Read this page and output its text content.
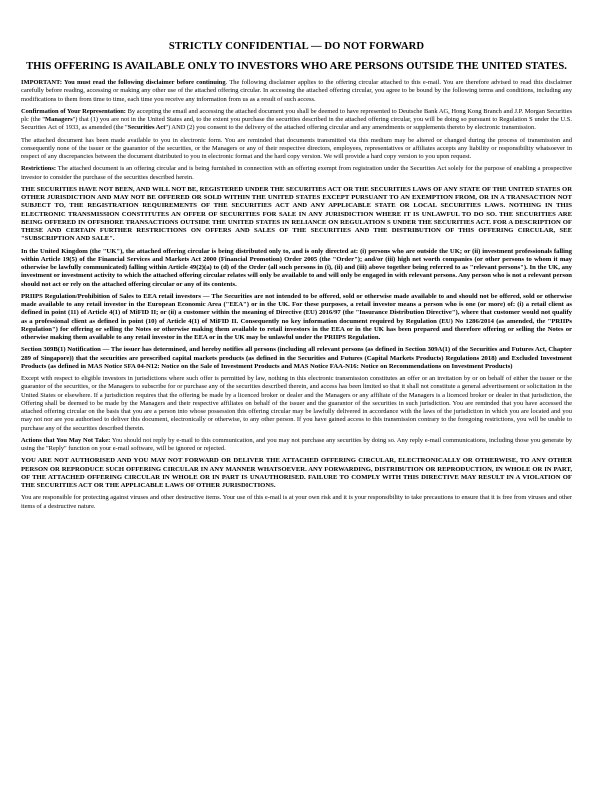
STRICTLY CONFIDENTIAL — DO NOT FORWARD
THIS OFFERING IS AVAILABLE ONLY TO INVESTORS WHO ARE PERSONS OUTSIDE THE UNITED STATES.

IMPORTANT: You must read the following disclaimer before continuing. The following disclaimer applies to the offering circular attached to this e-mail. You are therefore advised to read this disclaimer carefully before reading, accessing or making any other use of the attached offering circular. In accessing the attached offering circular, you agree to be bound by the following terms and conditions, including any modifications to them from time to time, each time you receive any information from us as a result of such access.

Confirmation of Your Representation: By accepting the email and accessing the attached document you shall be deemed to have represented to Deutsche Bank AG, Hong Kong Branch and J.P. Morgan Securities plc (the "Managers") that (1) you are not in the United States and, to the extent you purchase the securities described in the attached offering circular, you will be doing so pursuant to Regulation S under the U.S. Securities Act of 1933, as amended (the "Securities Act") AND (2) you consent to the delivery of the attached offering circular and any amendments or supplements thereto by electronic transmission.

The attached document has been made available to you in electronic form. You are reminded that documents transmitted via this medium may be altered or changed during the process of transmission and consequently none of the issuer or the guarantor of the securities, or the Managers or any of their respective directors, employees, representatives or affiliates accepts any liability or responsibility whatsoever in respect of any discrepancies between the document distributed to you in electronic format and the hard copy version. We will provide a hard copy version to you upon request.

Restrictions: The attached document is an offering circular and is being furnished in connection with an offering exempt from registration under the Securities Act solely for the purpose of enabling a prospective investor to consider the purchase of the securities described herein.

THE SECURITIES HAVE NOT BEEN, AND WILL NOT BE, REGISTERED UNDER THE SECURITIES ACT OR THE SECURITIES LAWS OF ANY STATE OF THE UNITED STATES OR OTHER JURISDICTION AND MAY NOT BE OFFERED OR SOLD WITHIN THE UNITED STATES EXCEPT PURSUANT TO AN EXEMPTION FROM, OR IN A TRANSACTION NOT SUBJECT TO, THE REGISTRATION REQUIREMENTS OF THE SECURITIES ACT AND ANY APPLICABLE STATE OR LOCAL SECURITIES LAWS. NOTHING IN THIS ELECTRONIC TRANSMISSION CONSTITUTES AN OFFER OF SECURITIES FOR SALE IN ANY JURISDICTION WHERE IT IS UNLAWFUL TO DO SO. THE SECURITIES ARE BEING OFFERED IN OFFSHORE TRANSACTIONS OUTSIDE THE UNITED STATES IN RELIANCE ON REGULATION S UNDER THE SECURITIES ACT. FOR A DESCRIPTION OF THESE AND CERTAIN FURTHER RESTRICTIONS ON OFFERS AND SALES OF THE SECURITIES AND THE DISTRIBUTION OF THIS OFFERING CIRCULAR, SEE "SUBSCRIPTION AND SALE".

In the United Kingdom (the "UK"), the attached offering circular is being distributed only to, and is only directed at: (i) persons who are outside the UK; or (ii) investment professionals falling within Article 19(5) of the Financial Services and Markets Act 2000 (Financial Promotion) Order 2005 (the "Order"); and/or (iii) high net worth companies (or other persons to whom it may otherwise be lawfully communicated) falling within Article 49(2)(a) to (d) of the Order (all such persons in (i), (ii) and (iii) above together being referred to as "relevant persons"). In the UK, any investment or investment activity to which the attached offering circular relates will only be available to and will only be engaged in with relevant persons. Any person who is not a relevant person should not act or rely on the attached offering circular or any of its contents.

PRIIPS Regulation/Prohibition of Sales to EEA retail investors — The Securities are not intended to be offered, sold or otherwise made available to and should not be offered, sold or otherwise made available to any retail investor in the European Economic Area ("EEA") or in the UK. For these purposes, a retail investor means a person who is one (or more) of: (i) a retail client as defined in point (11) of Article 4(1) of MiFID II; or (ii) a customer within the meaning of Directive (EU) 2016/97 (the "Insurance Distribution Directive"), where that customer would not qualify as a professional client as defined in point (10) of Article 4(1) of MiFID II. Consequently no key information document required by Regulation (EU) No 1286/2014 (as amended, the "PRIIPs Regulation") for offering or selling the Notes or otherwise making them available to retail investors in the EEA or in the UK has been prepared and therefore offering or selling the Notes or otherwise making them available to any retail investor in the EEA or in the UK may be unlawful under the PRIIPS Regulation.

Section 309B(1) Notification — The issuer has determined, and hereby notifies all persons (including all relevant persons (as defined in Section 309A(1) of the Securities and Futures Act, Chapter 289 of Singapore)) that the securities are prescribed capital markets products (as defined in the Securities and Futures (Capital Markets Products) Regulations 2018) and Excluded Investment Products (as defined in MAS Notice SFA 04-N12: Notice on the Sale of Investment Products and MAS Notice FAA-N16: Notice on Recommendations on Investment Products)

Except with respect to eligible investors in jurisdictions where such offer is permitted by law, nothing in this electronic transmission constitutes an offer or an invitation by or on behalf of either the issuer or the guarantor of the securities, or the Managers to subscribe for or purchase any of the securities described therein, and access has been limited so that it shall not constitute a general advertisement or solicitation in the United States or elsewhere. If a jurisdiction requires that the offering be made by a licenced broker or dealer and the Managers or any affiliate of the Managers is a licenced broker or dealer in that jurisdiction, the Offering shall be deemed to be made by the Managers and their respective affiliates on behalf of the issuer and the guarantor of the securities in such jurisdiction. You are reminded that you have accessed the attached offering circular on the basis that you are a person into whose possession this offering circular may be lawfully delivered in accordance with the laws of the jurisdiction in which you are located and you may not nor are you authorised to deliver this document, electronically or otherwise, to any other person. If you have gained access to this transmission contrary to the foregoing restrictions, you will be unable to purchase any of the securities described therein.

Actions that You May Not Take: You should not reply by e-mail to this communication, and you may not purchase any securities by doing so. Any reply e-mail communications, including those you generate by using the "Reply" function on your e-mail software, will be ignored or rejected.

YOU ARE NOT AUTHORISED AND YOU MAY NOT FORWARD OR DELIVER THE ATTACHED OFFERING CIRCULAR, ELECTRONICALLY OR OTHERWISE, TO ANY OTHER PERSON OR REPRODUCE SUCH OFFERING CIRCULAR IN ANY MANNER WHATSOEVER. ANY FORWARDING, DISTRIBUTION OR REPRODUCTION, IN WHOLE OR IN PART, OF THE ATTACHED OFFERING CIRCULAR IN WHOLE OR IN PART IS UNAUTHORISED. FAILURE TO COMPLY WITH THIS DIRECTIVE MAY RESULT IN A VIOLATION OF THE SECURITIES ACT OR THE APPLICABLE LAWS OF OTHER JURISDICTIONS.

You are responsible for protecting against viruses and other destructive items. Your use of this e-mail is at your own risk and it is your responsibility to take precautions to ensure that it is free from viruses and other items of a destructive nature.
